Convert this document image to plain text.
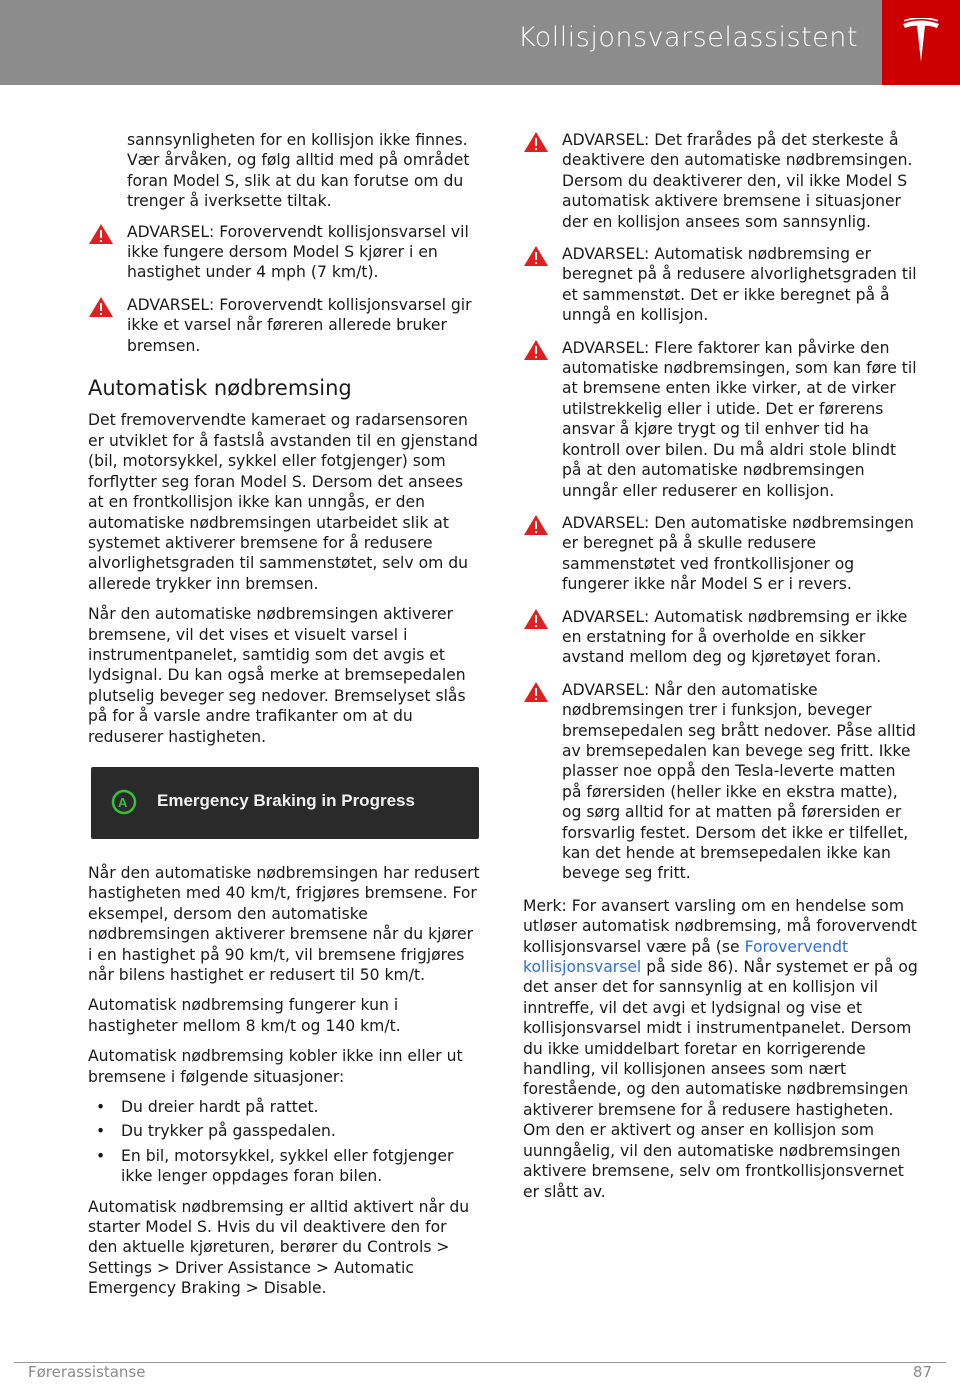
Kollisjonsvarselassistent

sannsynligheten for en kollisjon ikke finnes. Vær årvåken, og følg alltid med på området foran Model S, slik at du kan forutse om du trenger å iverksette tiltak.

ADVARSEL: Forovervendt kollisjonsvarsel vil ikke fungere dersom Model S kjører i en hastighet under 4 mph (7 km/t).
ADVARSEL: Forovervendt kollisjonsvarsel gir ikke et varsel når føreren allerede bruker bremsen.
Automatisk nødbremsing

Det fremovervendte kameraet og radarsensoren er utviklet for å fastslå avstanden til en gjenstand (bil, motorsykkel, sykkel eller fotgjenger) som forflytter seg foran Model S. Dersom det ansees at en frontkollisjon ikke kan unngås, er den automatiske nødbremsingen utarbeidet slik at systemet aktiverer bremsene for å redusere alvorlighetsgraden til sammenstøtet, selv om du allerede trykker inn bremsen.

Når den automatiske nødbremsingen aktiverer bremsene, vil det vises et visuelt varsel i instrumentpanelet, samtidig som det avgis et lydsignal. Du kan også merke at bremsepedalen plutselig beveger seg nedover. Bremselyset slås på for å varsle andre trafikanter om at du reduserer hastigheten.

A Emergency Braking in Progress

Når den automatiske nødbremsingen har redusert hastigheten med 40 km/t, frigjøres bremsene. For eksempel, dersom den automatiske nødbremsingen aktiverer bremsene når du kjører i en hastighet på 90 km/t, vil bremsene frigjøres når bilens hastighet er redusert til 50 km/t.

Automatisk nødbremsing fungerer kun i hastigheter mellom 8 km/t og 140 km/t.

Automatisk nødbremsing kobler ikke inn eller ut bremsene i følgende situasjoner:

• Du dreier hardt på rattet.
• Du trykker på gasspedalen.
• En bil, motorsykkel, sykkel eller fotgjenger ikke lenger oppdages foran bilen.

Automatisk nødbremsing er alltid aktivert når du starter Model S. Hvis du vil deaktivere den for den aktuelle kjøreturen, berører du Controls > Settings > Driver Assistance > Automatic Emergency Braking > Disable.

ADVARSEL: Det frarådes på det sterkeste å deaktivere den automatiske nødbremsingen. Dersom du deaktiverer den, vil ikke Model S automatisk aktivere bremsene i situasjoner der en kollisjon ansees som sannsynlig.
ADVARSEL: Automatisk nødbremsing er beregnet på å redusere alvorlighetsgraden til et sammenstøt. Det er ikke beregnet på å unngå en kollisjon.
ADVARSEL: Flere faktorer kan påvirke den automatiske nødbremsingen, som kan føre til at bremsene enten ikke virker, at de virker utilstrekkelig eller i utide. Det er førerens ansvar å kjøre trygt og til enhver tid ha kontroll over bilen. Du må aldri stole blindt på at den automatiske nødbremsingen unngår eller reduserer en kollisjon.
ADVARSEL: Den automatiske nødbremsingen er beregnet på å skulle redusere sammenstøtet ved frontkollisjoner og fungerer ikke når Model S er i revers.
ADVARSEL: Automatisk nødbremsing er ikke en erstatning for å overholde en sikker avstand mellom deg og kjøretøyet foran.
ADVARSEL: Når den automatiske nødbremsingen trer i funksjon, beveger bremsepedalen seg brått nedover. Påse alltid av bremsepedalen kan bevege seg fritt. Ikke plasser noe oppå den Tesla-leverte matten på førersiden (heller ikke en ekstra matte), og sørg alltid for at matten på førersiden er forsvarlig festet. Dersom det ikke er tilfellet, kan det hende at bremsepedalen ikke kan bevege seg fritt.

Merk: For avansert varsling om en hendelse som utløser automatisk nødbremsing, må forovervendt kollisjonsvarsel være på (se Forovervendt kollisjonsvarsel på side 86). Når systemet er på og det anser det for sannsynlig at en kollisjon vil inntreffe, vil det avgi et lydsignal og vise et kollisjonsvarsel midt i instrumentpanelet. Dersom du ikke umiddelbart foretar en korrigerende handling, vil kollisjonen ansees som nært forestående, og den automatiske nødbremsingen aktiverer bremsene for å redusere hastigheten. Om den er aktivert og anser en kollisjon som uunngåelig, vil den automatiske nødbremsingen aktivere bremsene, selv om frontkollisjonsvernet er slått av.

Førerassistanse	87
